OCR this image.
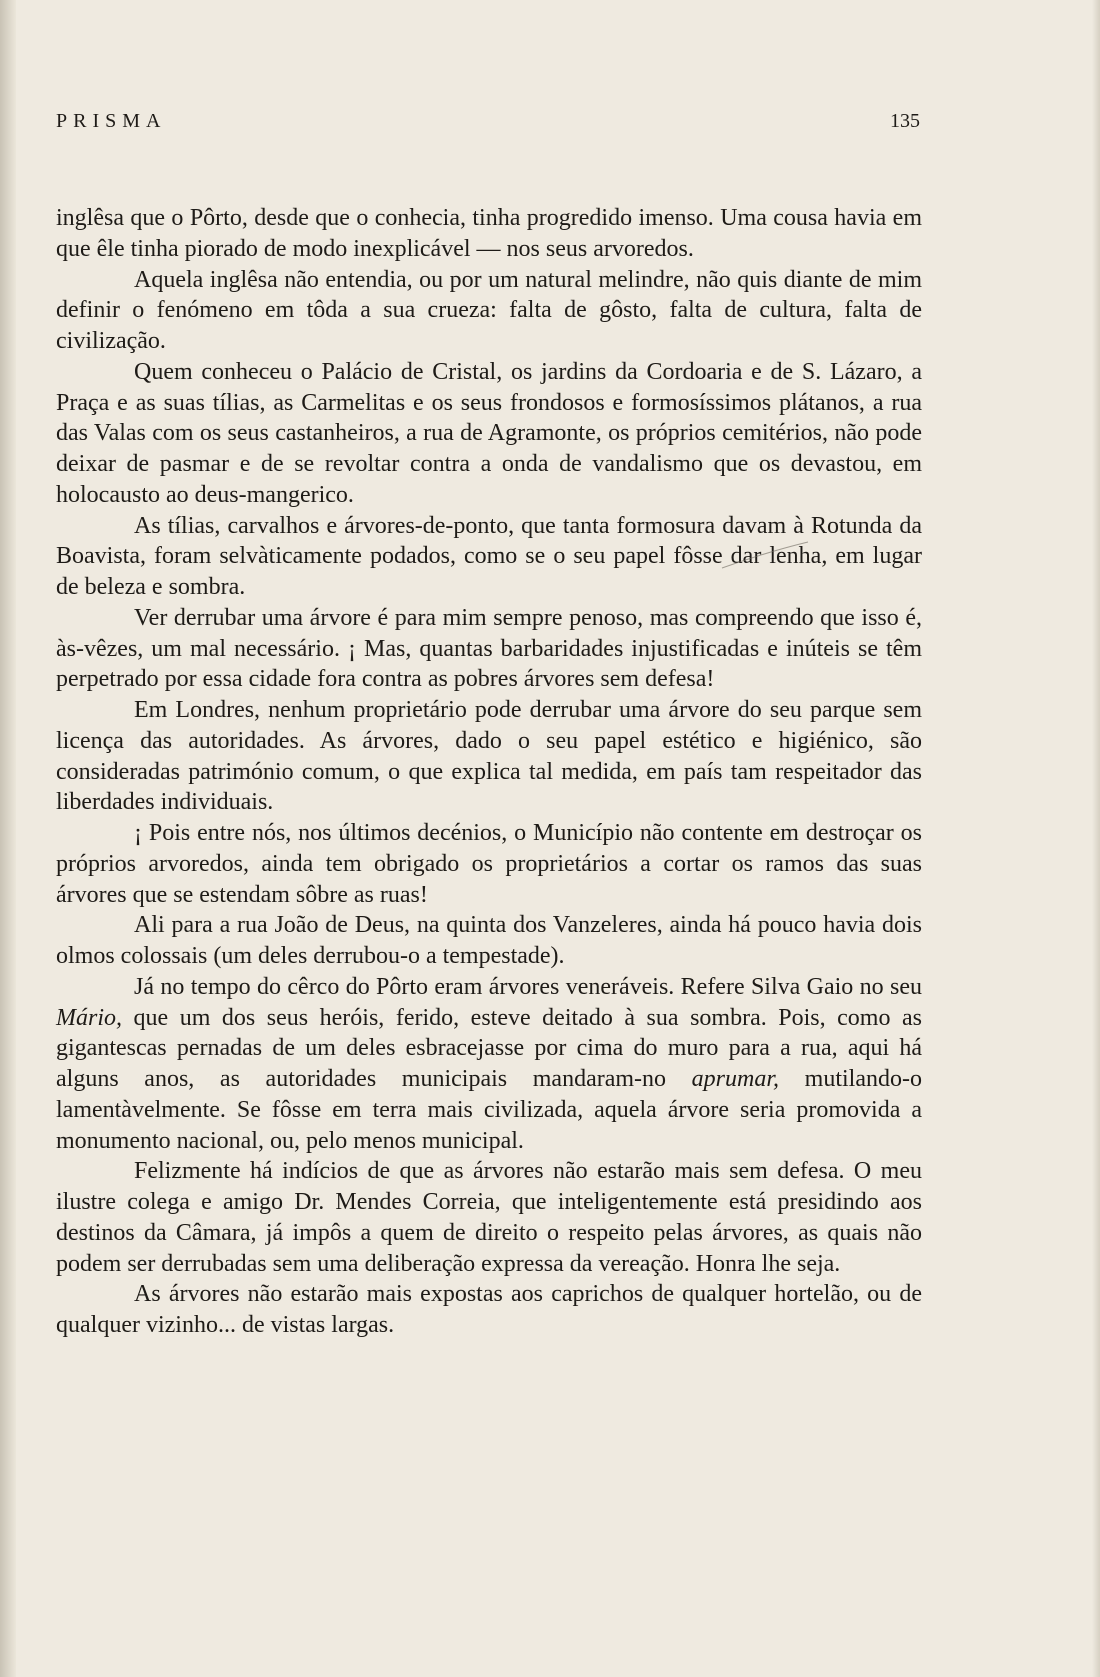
PRISMA	135

inglêsa que o Pôrto, desde que o conhecia, tinha progredido imenso. Uma cousa havia em que êle tinha piorado de modo inexplicável — nos seus arvoredos.

Aquela inglêsa não entendia, ou por um natural melindre, não quis diante de mim definir o fenómeno em tôda a sua crueza: falta de gôsto, falta de cultura, falta de civilização.

Quem conheceu o Palácio de Cristal, os jardins da Cordoaria e de S. Lázaro, a Praça e as suas tílias, as Carmelitas e os seus frondosos e formosíssimos plátanos, a rua das Valas com os seus castanheiros, a rua de Agramonte, os próprios cemitérios, não pode deixar de pasmar e de se revoltar contra a onda de vandalismo que os devastou, em holocausto ao deus-mangerico.

As tílias, carvalhos e árvores-de-ponto, que tanta formosura davam à Rotunda da Boavista, foram selvàticamente podados, como se o seu papel fôsse dar lenha, em lugar de beleza e sombra.

Ver derrubar uma árvore é para mim sempre penoso, mas compreendo que isso é, às-vêzes, um mal necessário. ¡ Mas, quantas barbaridades injustificadas e inúteis se têm perpetrado por essa cidade fora contra as pobres árvores sem defesa!

Em Londres, nenhum proprietário pode derrubar uma árvore do seu parque sem licença das autoridades. As árvores, dado o seu papel estético e higiénico, são consideradas património comum, o que explica tal medida, em país tam respeitador das liberdades individuais.

¡ Pois entre nós, nos últimos decénios, o Município não contente em destroçar os próprios arvoredos, ainda tem obrigado os proprietários a cortar os ramos das suas árvores que se estendam sôbre as ruas!

Ali para a rua João de Deus, na quinta dos Vanzeleres, ainda há pouco havia dois olmos colossais (um deles derrubou-o a tempestade).

Já no tempo do cêrco do Pôrto eram árvores veneráveis. Refere Silva Gaio no seu Mário, que um dos seus heróis, ferido, esteve deitado à sua sombra. Pois, como as gigantescas pernadas de um deles esbracejasse por cima do muro para a rua, aqui há alguns anos, as autoridades municipais mandaram-no aprumar, mutilando-o lamentàvelmente. Se fôsse em terra mais civilizada, aquela árvore seria promovida a monumento nacional, ou, pelo menos municipal.

Felizmente há indícios de que as árvores não estarão mais sem defesa. O meu ilustre colega e amigo Dr. Mendes Correia, que inteligentemente está presidindo aos destinos da Câmara, já impôs a quem de direito o respeito pelas árvores, as quais não podem ser derrubadas sem uma deliberação expressa da vereação. Honra lhe seja.

As árvores não estarão mais expostas aos caprichos de qualquer hortelão, ou de qualquer vizinho... de vistas largas.
